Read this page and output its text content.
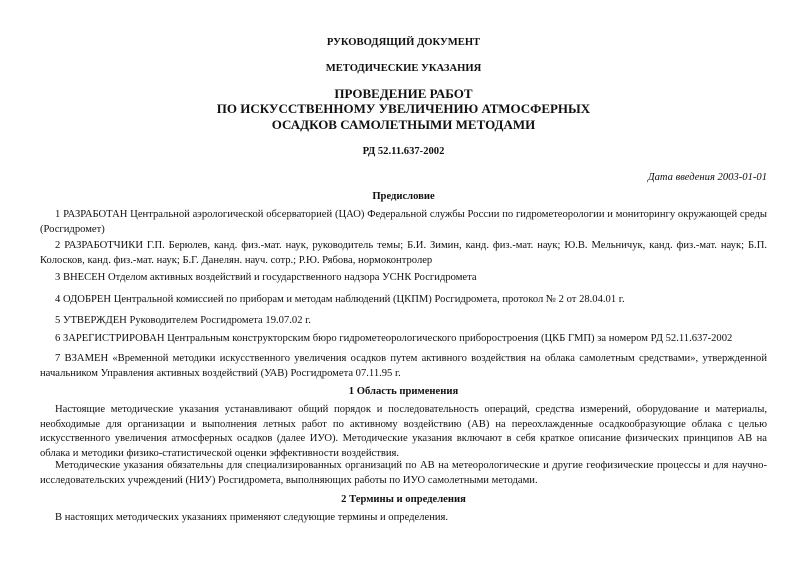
РУКОВОДЯЩИЙ ДОКУМЕНТ
МЕТОДИЧЕСКИЕ УКАЗАНИЯ
ПРОВЕДЕНИЕ РАБОТ
ПО ИСКУССТВЕННОМУ УВЕЛИЧЕНИЮ АТМОСФЕРНЫХ
ОСАДКОВ САМОЛЕТНЫМИ МЕТОДАМИ
РД 52.11.637-2002
Дата введения 2003-01-01
Предисловие
1 РАЗРАБОТАН Центральной аэрологической обсерваторией (ЦАО) Федеральной службы России по гидрометеорологии и мониторингу окружающей среды (Росгидромет)
2 РАЗРАБОТЧИКИ Г.П. Берюлев, канд. физ.-мат. наук, руководитель темы; Б.И. Зимин, канд. физ.-мат. наук; Ю.В. Мельничук, канд. физ.-мат. наук; Б.П. Колосков, канд. физ.-мат. наук; Б.Г. Данелян. науч. сотр.; Р.Ю. Рябова, нормоконтролер
3 ВНЕСЕН Отделом активных воздействий и государственного надзора УСНК Росгидромета
4 ОДОБРЕН Центральной комиссией по приборам и методам наблюдений (ЦКПМ) Росгидромета, протокол № 2 от 28.04.01 г.
5 УТВЕРЖДЕН Руководителем Росгидромета 19.07.02 г.
6 ЗАРЕГИСТРИРОВАН Центральным конструкторским бюро гидрометеорологического приборостроения (ЦКБ ГМП) за номером РД 52.11.637-2002
7 ВЗАМЕН «Временной методики искусственного увеличения осадков путем активного воздействия на облака самолетным средствами», утвержденной начальником Управления активных воздействий (УАВ) Росгидромета 07.11.95 г.
1 Область применения
Настоящие методические указания устанавливают общий порядок и последовательность операций, средства измерений, оборудование и материалы, необходимые для организации и выполнения летных работ по активному воздействию (АВ) на переохлажденные осадкообразующие облака с целью искусственного увеличения атмосферных осадков (далее ИУО). Методические указания включают в себя краткое описание физических принципов АВ на облака и методики физико-статистической оценки эффективности воздействия.
Методические указания обязательны для специализированных организаций по АВ на метеорологические и другие геофизические процессы и для научно-исследовательских учреждений (НИУ) Росгидромета, выполняющих работы по ИУО самолетными методами.
2 Термины и определения
В настоящих методических указаниях применяют следующие термины и определения.
